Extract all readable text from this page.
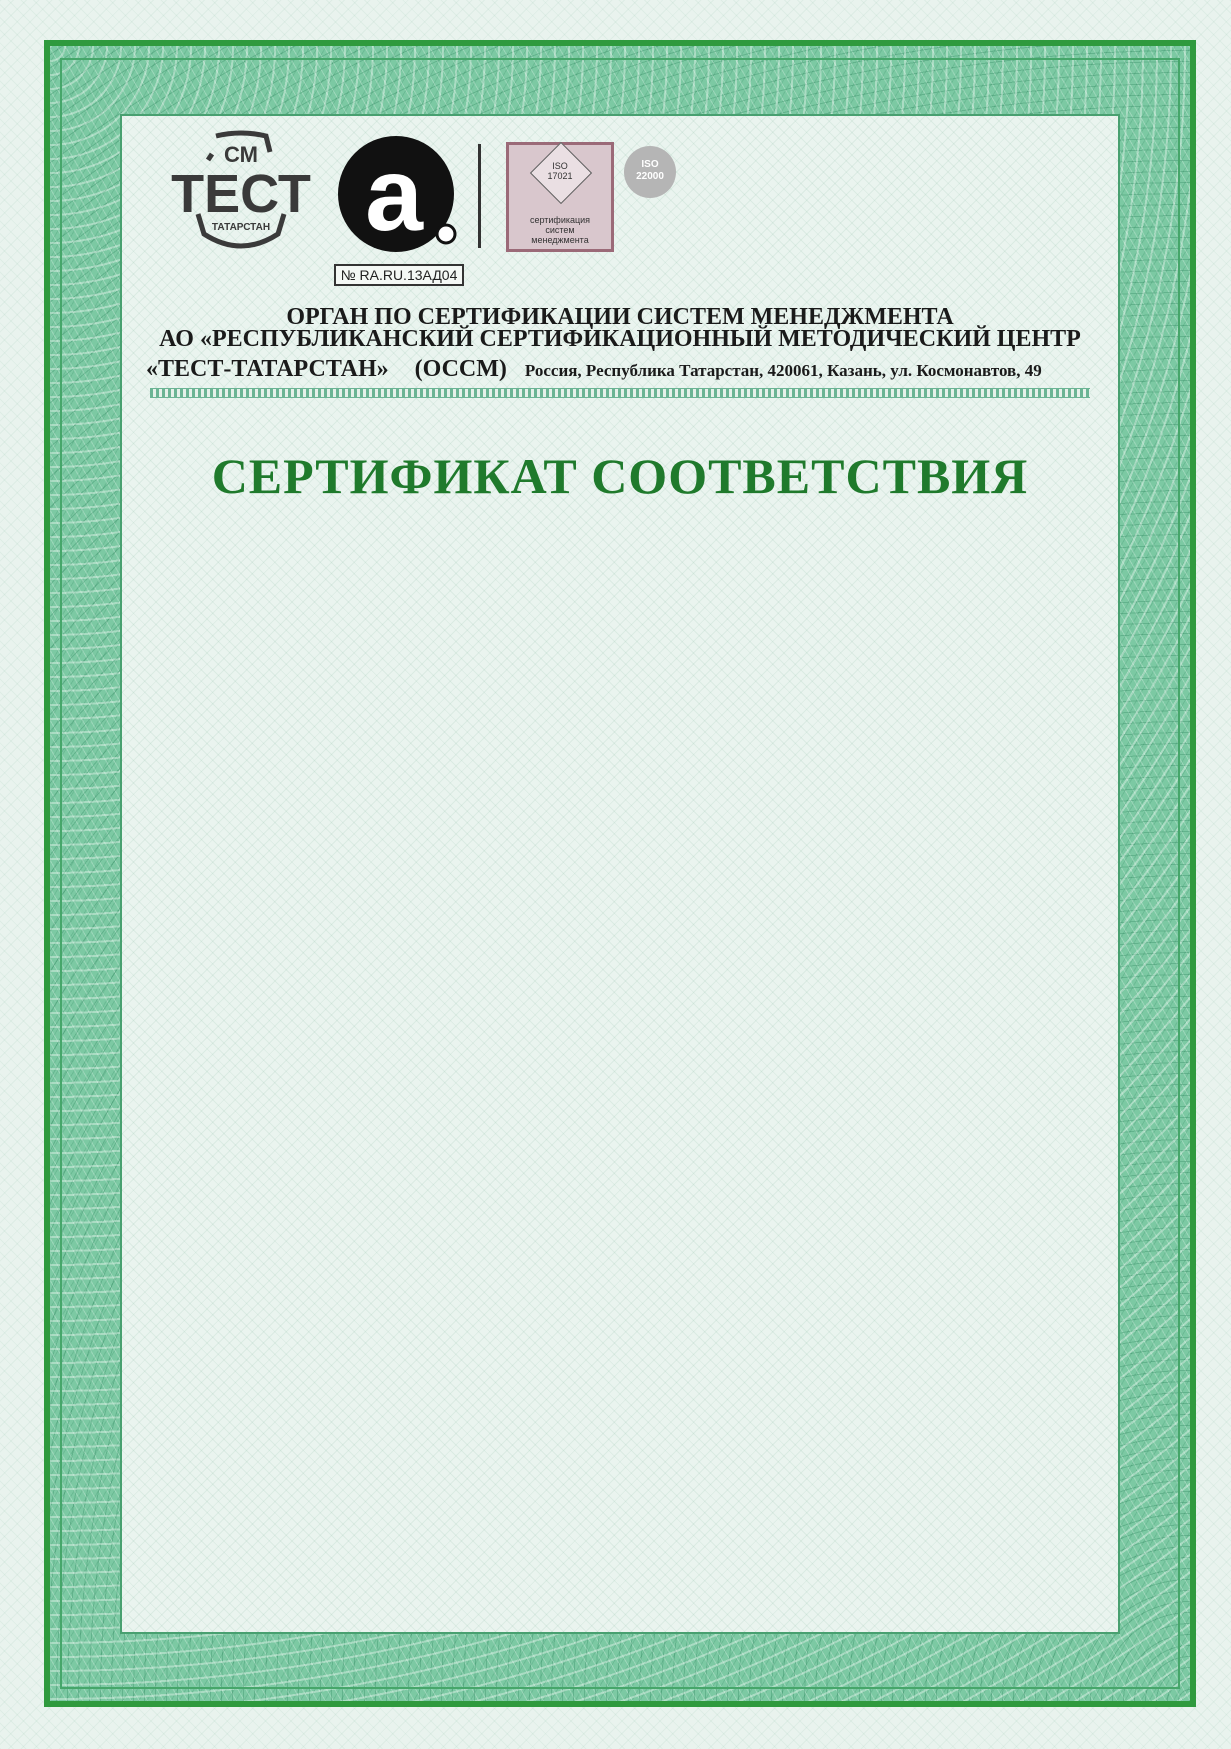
СМ
ТЕСТ
ТАТАРСТАН a
№ RA.RU.13АД04
ISO
17021
сертификация
систем
менеджмента
ISO
22000
ОРГАН ПО СЕРТИФИКАЦИИ СИСТЕМ МЕНЕДЖМЕНТА
АО «РЕСПУБЛИКАНСКИЙ СЕРТИФИКАЦИОННЫЙ МЕТОДИЧЕСКИЙ ЦЕНТР
«ТЕСТ-ТАТАРСТАН» (ОССМ) Россия, Республика Татарстан, 420061, Казань, ул. Космонавтов, 49
СЕРТИФИКАТ СООТВЕТСТВИЯ
